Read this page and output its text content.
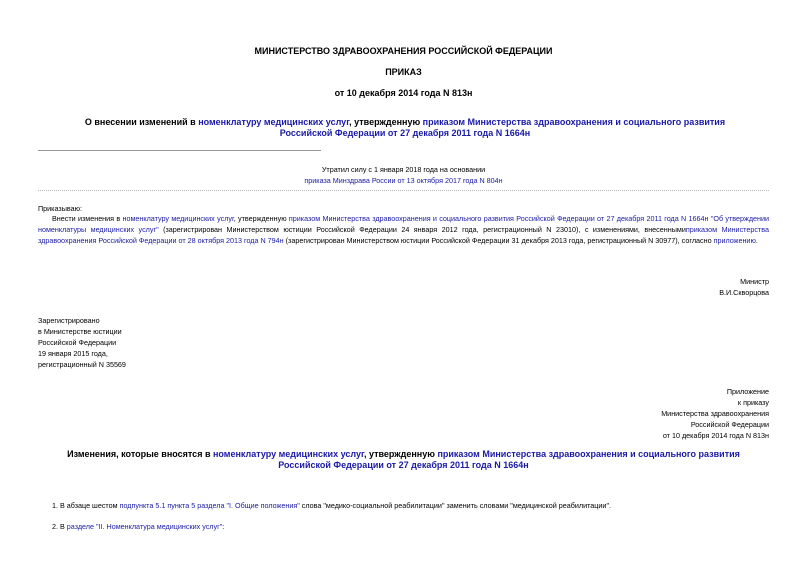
МИНИСТЕРСТВО ЗДРАВООХРАНЕНИЯ РОССИЙСКОЙ ФЕДЕРАЦИИ
ПРИКАЗ
от 10 декабря 2014 года N 813н
О внесении изменений в номенклатуру медицинских услуг, утвержденную приказом Министерства здравоохранения и социального развития Российской Федерации от 27 декабря 2011 года N 1664н
Утратил силу с 1 января 2018 года на основании
приказа Минздрава России от 13 октября 2017 года N 804н
Приказываю:
Внести изменения в номенклатуру медицинских услуг, утвержденную приказом Министерства здравоохранения и социального развития Российской Федерации от 27 декабря 2011 года N 1664н "Об утверждении номенклатуры медицинских услуг" (зарегистрирован Министерством юстиции Российской Федерации 24 января 2012 года, регистрационный N 23010), с изменениями, внесеннымиприказом Министерства здравоохранения Российской Федерации от 28 октября 2013 года N 794н (зарегистрирован Министерством юстиции Российской Федерации 31 декабря 2013 года, регистрационный N 30977), согласно приложению.
Министр
В.И.Скворцова
Зарегистрировано
в Министерстве юстиции
Российской Федерации
19 января 2015 года,
регистрационный N 35569
Приложение
к приказу
Министерства здравоохранения
Российской Федерации
от 10 декабря 2014 года N 813н
Изменения, которые вносятся в номенклатуру медицинских услуг, утвержденную приказом Министерства здравоохранения и социального развития Российской Федерации от 27 декабря 2011 года N 1664н
1. В абзаце шестом подпункта 5.1 пункта 5 раздела "I. Общие положения" слова "медико-социальной реабилитации" заменить словами "медицинской реабилитации".
2. В разделе "II. Номенклатура медицинских услуг":
